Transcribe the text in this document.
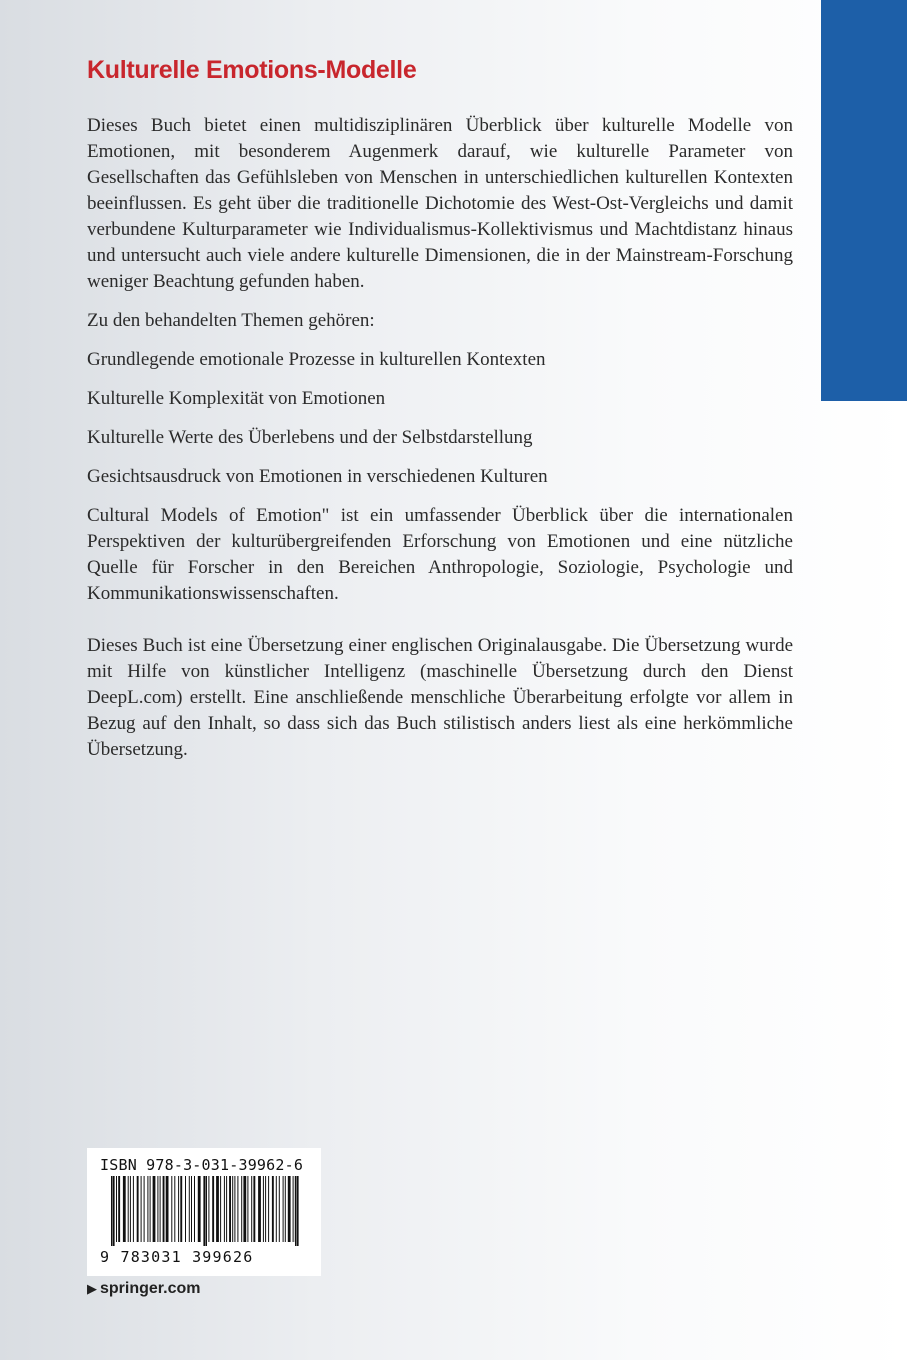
Kulturelle Emotions-Modelle

Dieses Buch bietet einen multidisziplinären Überblick über kulturelle Modelle von Emotionen, mit besonderem Augenmerk darauf, wie kulturelle Parameter von Gesellschaften das Gefühlsleben von Menschen in unterschiedlichen kulturellen Kontexten beeinflussen. Es geht über die traditionelle Dichotomie des West-Ost-Vergleichs und damit verbundene Kulturparameter wie Individualismus-Kollektivismus und Machtdistanz hinaus und untersucht auch viele andere kulturelle Dimensionen, die in der Mainstream-Forschung weniger Beachtung gefunden haben.

Zu den behandelten Themen gehören:

Grundlegende emotionale Prozesse in kulturellen Kontexten

Kulturelle Komplexität von Emotionen

Kulturelle Werte des Überlebens und der Selbstdarstellung

Gesichtsausdruck von Emotionen in verschiedenen Kulturen

Cultural Models of Emotion" ist ein umfassender Überblick über die internationalen Perspektiven der kulturübergreifenden Erforschung von Emotionen und eine nützliche Quelle für Forscher in den Bereichen Anthropologie, Soziologie, Psychologie und Kommunikationswissenschaften.

Dieses Buch ist eine Übersetzung einer englischen Originalausgabe. Die Übersetzung wurde mit Hilfe von künstlicher Intelligenz (maschinelle Übersetzung durch den Dienst DeepL.com) erstellt. Eine anschließende menschliche Überarbeitung erfolgte vor allem in Bezug auf den Inhalt, so dass sich das Buch stilistisch anders liest als eine herkömmliche Übersetzung.

ISBN 978-3-031-39962-6
9 783031 399626
▶ springer.com
